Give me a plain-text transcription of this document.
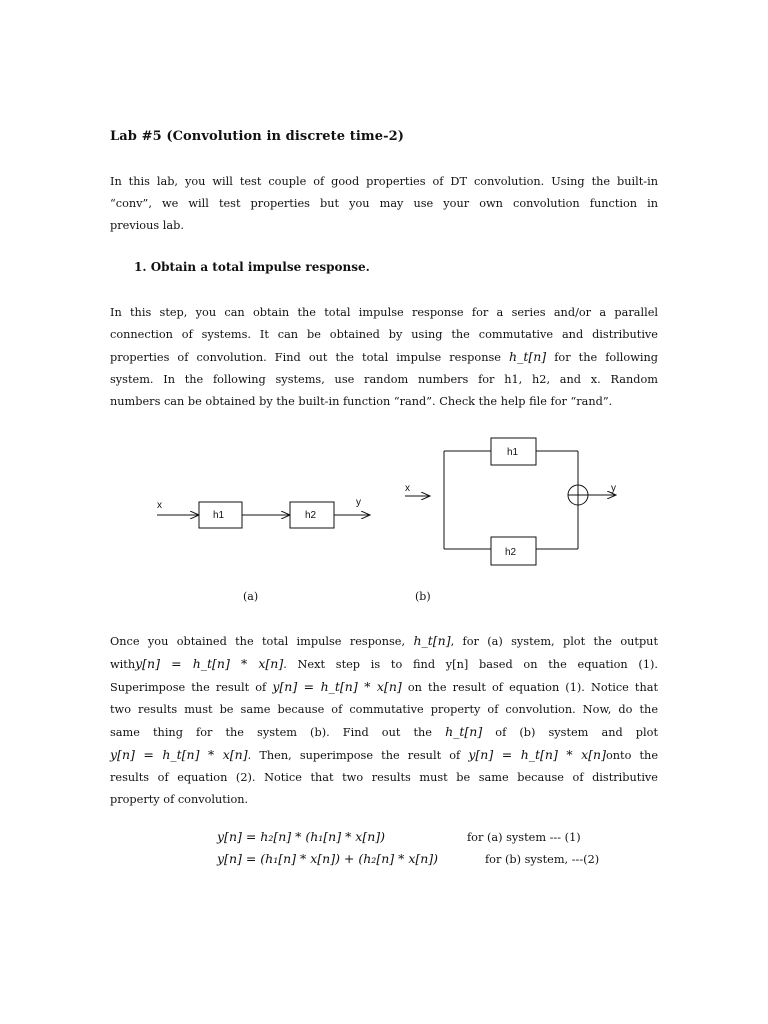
Lab #5 (Convolution in discrete time-2)
In this lab, you will test couple of good properties of DT convolution. Using the built-in
“conv”, we will test properties but you may use your own convolution function in
previous lab.
1. Obtain a total impulse response.
In this step, you can obtain the total impulse response for a series and/or a parallel
connection of systems. It can be obtained by using the commutative and distributive
properties of convolution. Find out the total impulse response h_t[n] for the following
system. In the following systems, use random numbers for h1, h2, and x. Random
numbers can be obtained by the built-in function “rand”. Check the help file for “rand”.
x
h1	h2
y
x
h1
h2
y
(a)	(b)
Once you obtained the total impulse response, h_t[n], for (a) system, plot the output
withy[n] = h_t[n] * x[n]. Next step is to find y[n] based on the equation (1).
Superimpose the result of y[n] = h_t[n] * x[n] on the result of equation (1). Notice that
two results must be same because of commutative property of convolution. Now, do the
same thing for the system (b). Find out the h_t[n] of (b) system and plot
y[n] = h_t[n] * x[n]. Then, superimpose the result of y[n] = h_t[n] * x[n]onto the
results of equation (2). Notice that two results must be same because of distributive
property of convolution.
y[n] = h₂[n] * (h₁[n] * x[n])	for (a) system --- (1)
y[n] = (h₁[n] * x[n]) + (h₂[n] * x[n])	for (b) system, ---(2)
